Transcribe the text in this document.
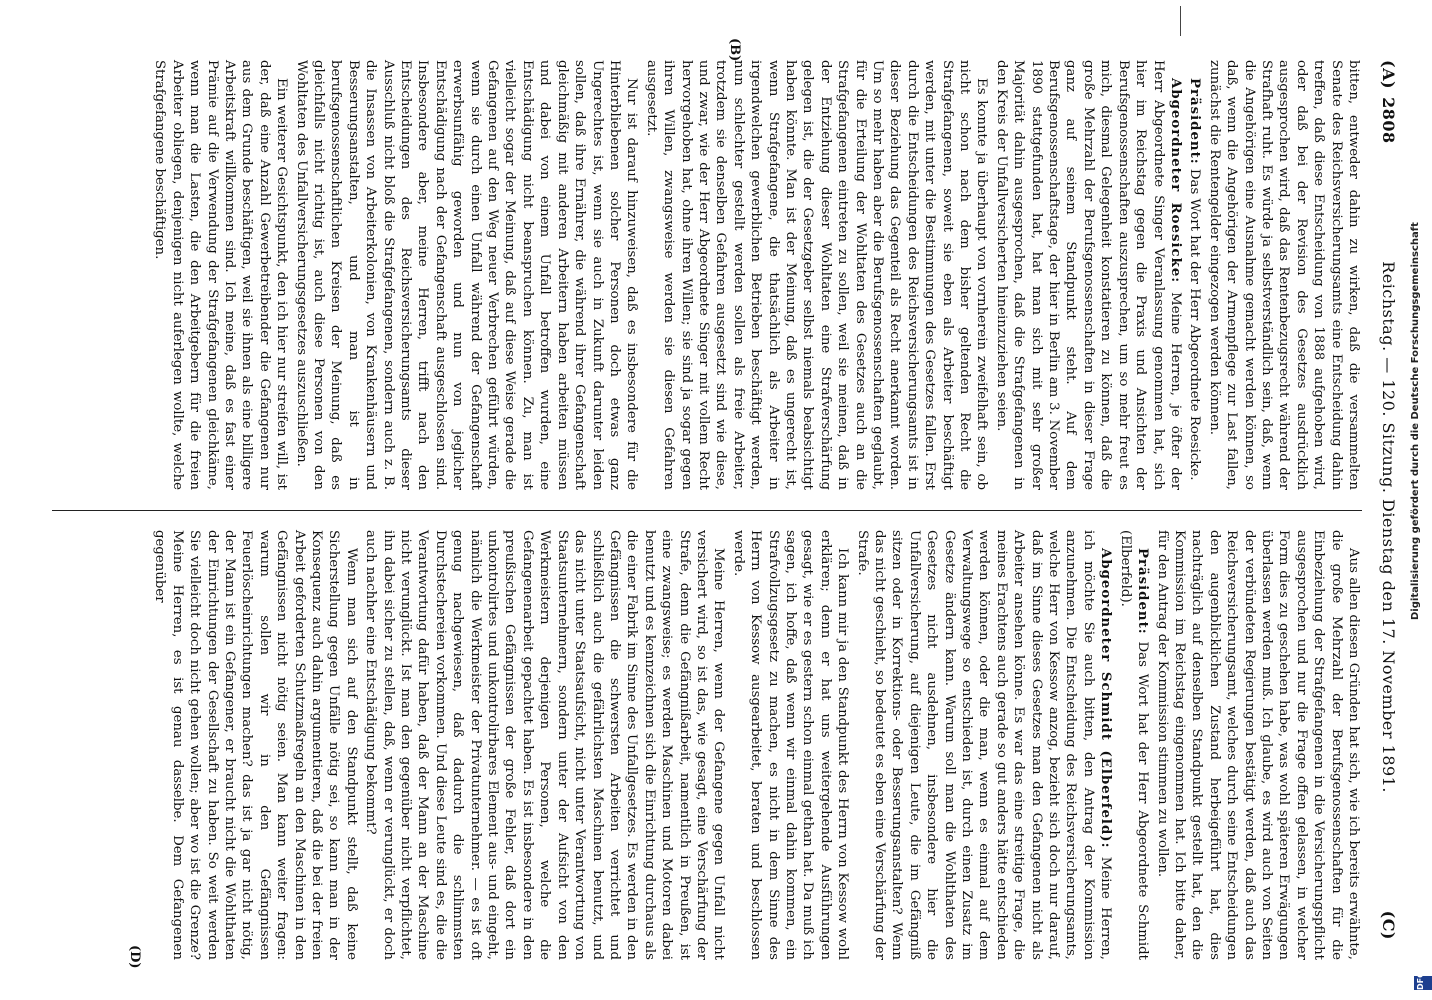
(A)
2808
Reichstag. — 120. Sitzung. Dienstag den 17. November 1891.
(C)
(B)
(D)

bitten, entweder dahin zu wirken, daß die versammelten Senate des Reichsversicherungsamts eine Entscheidung dahin treffen, daß diese Entscheidung von 1888 aufgehoben wird, oder daß bei der Revision des Gesetzes ausdrücklich ausgesprochen wird, daß das Rentenbezugsrecht während der Strafhaft ruht. Es würde ja selbstverständlich sein, daß, wenn die Angehörigen eine Ausnahme gemacht werden können, so daß, wenn die Angehörigen der Armenpflege zur Last fallen, zunächst die Rentengelder eingezogen werden können.

Präsident: Das Wort hat der Herr Abgeordnete Roesicke.

Abgeordneter Roesicke: Meine Herren, je öfter der Herr Abgeordnete Singer Veranlassung genommen hat, sich hier im Reichstag gegen die Praxis und Ansichten der Berufsgenossenschaften auszusprechen, um so mehr freut es mich, diesmal Gelegenheit konstatieren zu können, daß die große Mehrzahl der Berufsgenossenschaften in dieser Frage ganz auf seinem Standpunkt steht. Auf dem Berufsgenossenschaftstage, der hier in Berlin am 3. November 1890 stattgefunden hat, hat man sich mit sehr großer Majorität dahin ausgesprochen, daß die Strafgefangenen in den Kreis der Unfallversicherten hineinzuziehen seien.

Es konnte ja überhaupt von vornherein zweifelhaft sein, ob nicht schon nach dem bisher geltenden Recht die Strafgefangenen, soweit sie eben als Arbeiter beschäftigt werden, mit unter die Bestimmungen des Gesetzes fallen. Erst durch die Entscheidungen des Reichsversicherungsamts ist in dieser Beziehung das Gegenteil als Recht anerkannt worden. Um so mehr haben aber die Berufsgenossenschaften geglaubt, für die Erteilung der Wohltaten des Gesetzes auch an die Strafgefangenen eintreten zu sollen, weil sie meinen, daß in der Entziehung dieser Wohltaten eine Strafverschärfung gelegen ist, die der Gesetzgeber selbst niemals beabsichtigt haben könnte. Man ist der Meinung, daß es ungerecht ist, wenn Strafgefangene, die thatsächlich als Arbeiter in irgendwelchen gewerblichen Betrieben beschäftigt werden, nun schlechter gestellt werden sollen als freie Arbeiter, trotzdem sie denselben Gefahren ausgesetzt sind wie diese, und zwar, wie der Herr Abgeordnete Singer mit vollem Recht hervorgehoben hat, ohne ihren Willen; sie sind ja sogar gegen ihren Willen, zwangsweise werden sie diesen Gefahren ausgesetzt.

Nur ist darauf hinzuweisen, daß es insbesondere für die Hinterbliebenen solcher Personen doch etwas ganz Ungerechtes ist, wenn sie auch in Zukunft darunter leiden sollen, daß ihre Ernährer, die während ihrer Gefangenschaft gleichmäßig mit anderen Arbeitern haben arbeiten müssen und dabei von einem Unfall betroffen wurden, eine Entschädigung nicht beanspruchen können. Zu, man ist vielleicht sogar der Meinung, daß auf diese Weise gerade die Gefangenen auf den Weg neuer Verbrechen geführt würden, wenn sie durch einen Unfall während der Gefangenschaft erwerbsunfähig geworden und nun von jeglicher Entschädigung nach der Gefangenschaft ausgeschlossen sind. Insbesondere aber, meine Herren, trifft nach den Entscheidungen des Reichsversicherungsamts dieser Ausschluß nicht bloß die Strafgefangenen, sondern auch z. B. die Insassen von Arbeiterkolonien, von Krankenhäusern und Besserungsanstalten, und man ist in berufsgenossenschaftlichen Kreisen der Meinung, daß es gleichfalls nicht richtig ist, auch diese Personen von den Wohltaten des Unfallversicherungsgesetzes auszuschließen.

Ein weiterer Gesichtspunkt, den ich hier nur streifen will, ist der, daß eine Anzahl Gewerbetreibender die Gefangenen nur aus dem Grunde beschäftigen, weil sie ihnen als eine billigere Arbeitskraft willkommen sind. Ich meine, daß es fast einer Prämie auf die Verwendung der Strafgefangenen gleichkäme, wenn man die Lasten, die den Arbeitgebern für die freien Arbeiter obliegen, denjenigen nicht auferlegen wollte, welche Strafgefangene beschäftigen.

Aus allen diesen Gründen hat sich, wie ich bereits erwähnte, die große Mehrzahl der Berufsgenossenschaften für die Einbeziehung der Strafgefangenen in die Versicherungspflicht ausgesprochen und nur die Frage offen gelassen, in welcher Form dies zu geschehen habe, was wohl späteren Erwägungen überlassen werden muß. Ich glaube, es wird auch von Seiten der verbündeten Regierungen bestätigt werden, daß auch das Reichsversicherungsamt, welches durch seine Entscheidungen den augenblicklichen Zustand herbeigeführt hat, dies nachträglich auf denselben Standpunkt gestellt hat, den die Kommission im Reichstag eingenommen hat. Ich bitte daher, für den Antrag der Kommission stimmen zu wollen.

Präsident: Das Wort hat der Herr Abgeordnete Schmidt (Elberfeld).

Abgeordneter Schmidt (Elberfeld): Meine Herren, ich möchte Sie auch bitten, den Antrag der Kommission anzunehmen. Die Entscheidung des Reichsversicherungsamts, welche Herr von Kessow anzog, bezieht sich doch nur darauf, daß im Sinne dieses Gesetzes man den Gefangenen nicht als Arbeiter ansehen könne. Es war das eine streitige Frage, die meines Erachtens auch gerade so gut anders hätte entschieden werden können, oder die man, wenn es einmal auf dem Verwaltungswege so entschieden ist, durch einen Zusatz im Gesetze ändern kann. Warum soll man die Wohlthaten des Gesetzes nicht ausdehnen, insbesondere hier die Unfallversicherung, auf diejenigen Leute, die im Gefängniß sitzen oder in Korrektions- oder Besserungsanstalten? Wenn das nicht geschieht, so bedeutet es eben eine Verschärfung der Strafe.

Ich kann mir ja den Standpunkt des Herrn von Kessow wohl erklären; denn er hat uns weitergehende Ausführungen gesagt, wie er es gestern schon einmal gethan hat. Da muß ich sagen, ich hoffe, daß wenn wir einmal dahin kommen, ein Strafvollzugsgesetz zu machen, es nicht in dem Sinne des Herrn von Kessow ausgearbeitet, beraten und beschlossen werde.

Meine Herren, wenn der Gefangene gegen Unfall nicht versichert wird, so ist das, wie gesagt, eine Verschärfung der Strafe, denn die Gefängnißarbeit, namentlich in Preußen, ist eine zwangsweise; es werden Maschinen und Motoren dabei benutzt und es kennzeichnen sich die Einrichtung durchaus als die einer Fabrik im Sinne des Unfallgesetzes. Es werden in den Gefängnissen die schwersten Arbeiten verrichtet und schließlich auch die gefährlichsten Maschinen benutzt, und das nicht unter Staatsaufsicht, nicht unter Verantwortung von Staatsunternehmern, sondern unter der Aufsicht von den Werkmeistern derjenigen Personen, welche die Gefangenenarbeit gepachtet haben. Es ist insbesondere in den preußischen Gefängnissen der große Fehler, daß dort ein unkontrolirtes und unkontrolirbares Element aus- und eingeht, nämlich die Werkmeister der Privatunternehmer. — es ist oft genug nachgewiesen, daß dadurch die schlimmsten Durchstechereien vorkommen. Und diese Leute sind es, die die Verantwortung dafür haben, daß der Mann an der Maschine nicht verunglückt. Ist man den gegenüber nicht verpflichtet, ihn dabei sicher zu stellen, daß, wenn er verunglückt, er doch auch nachher eine Entschädigung bekommt?

Wenn man sich auf den Standpunkt stellt, daß keine Sicherstellung gegen Unfälle nötig sei, so kann man in der Konsequenz auch dahin argumentieren, daß die bei der freien Arbeit geforderten Schutzmaßregeln an den Maschinen in den Gefängnissen nicht nötig seien. Man kann weiter fragen: warum sollen wir in den Gefängnissen Feuerlöscheinrichtungen machen? das ist ja gar nicht nötig, der Mann ist ein Gefangener, er braucht nicht die Wohlthaten der Einrichtungen der Gesellschaft zu haben. So weit werden Sie vielleicht doch nicht gehen wollen; aber wo ist die Grenze? Meine Herren, es ist genau dasselbe. Dem Gefangenen gegenüber	Digitalisierung gefördert durch die Deutsche Forschungsgemeinschaft
DFG
